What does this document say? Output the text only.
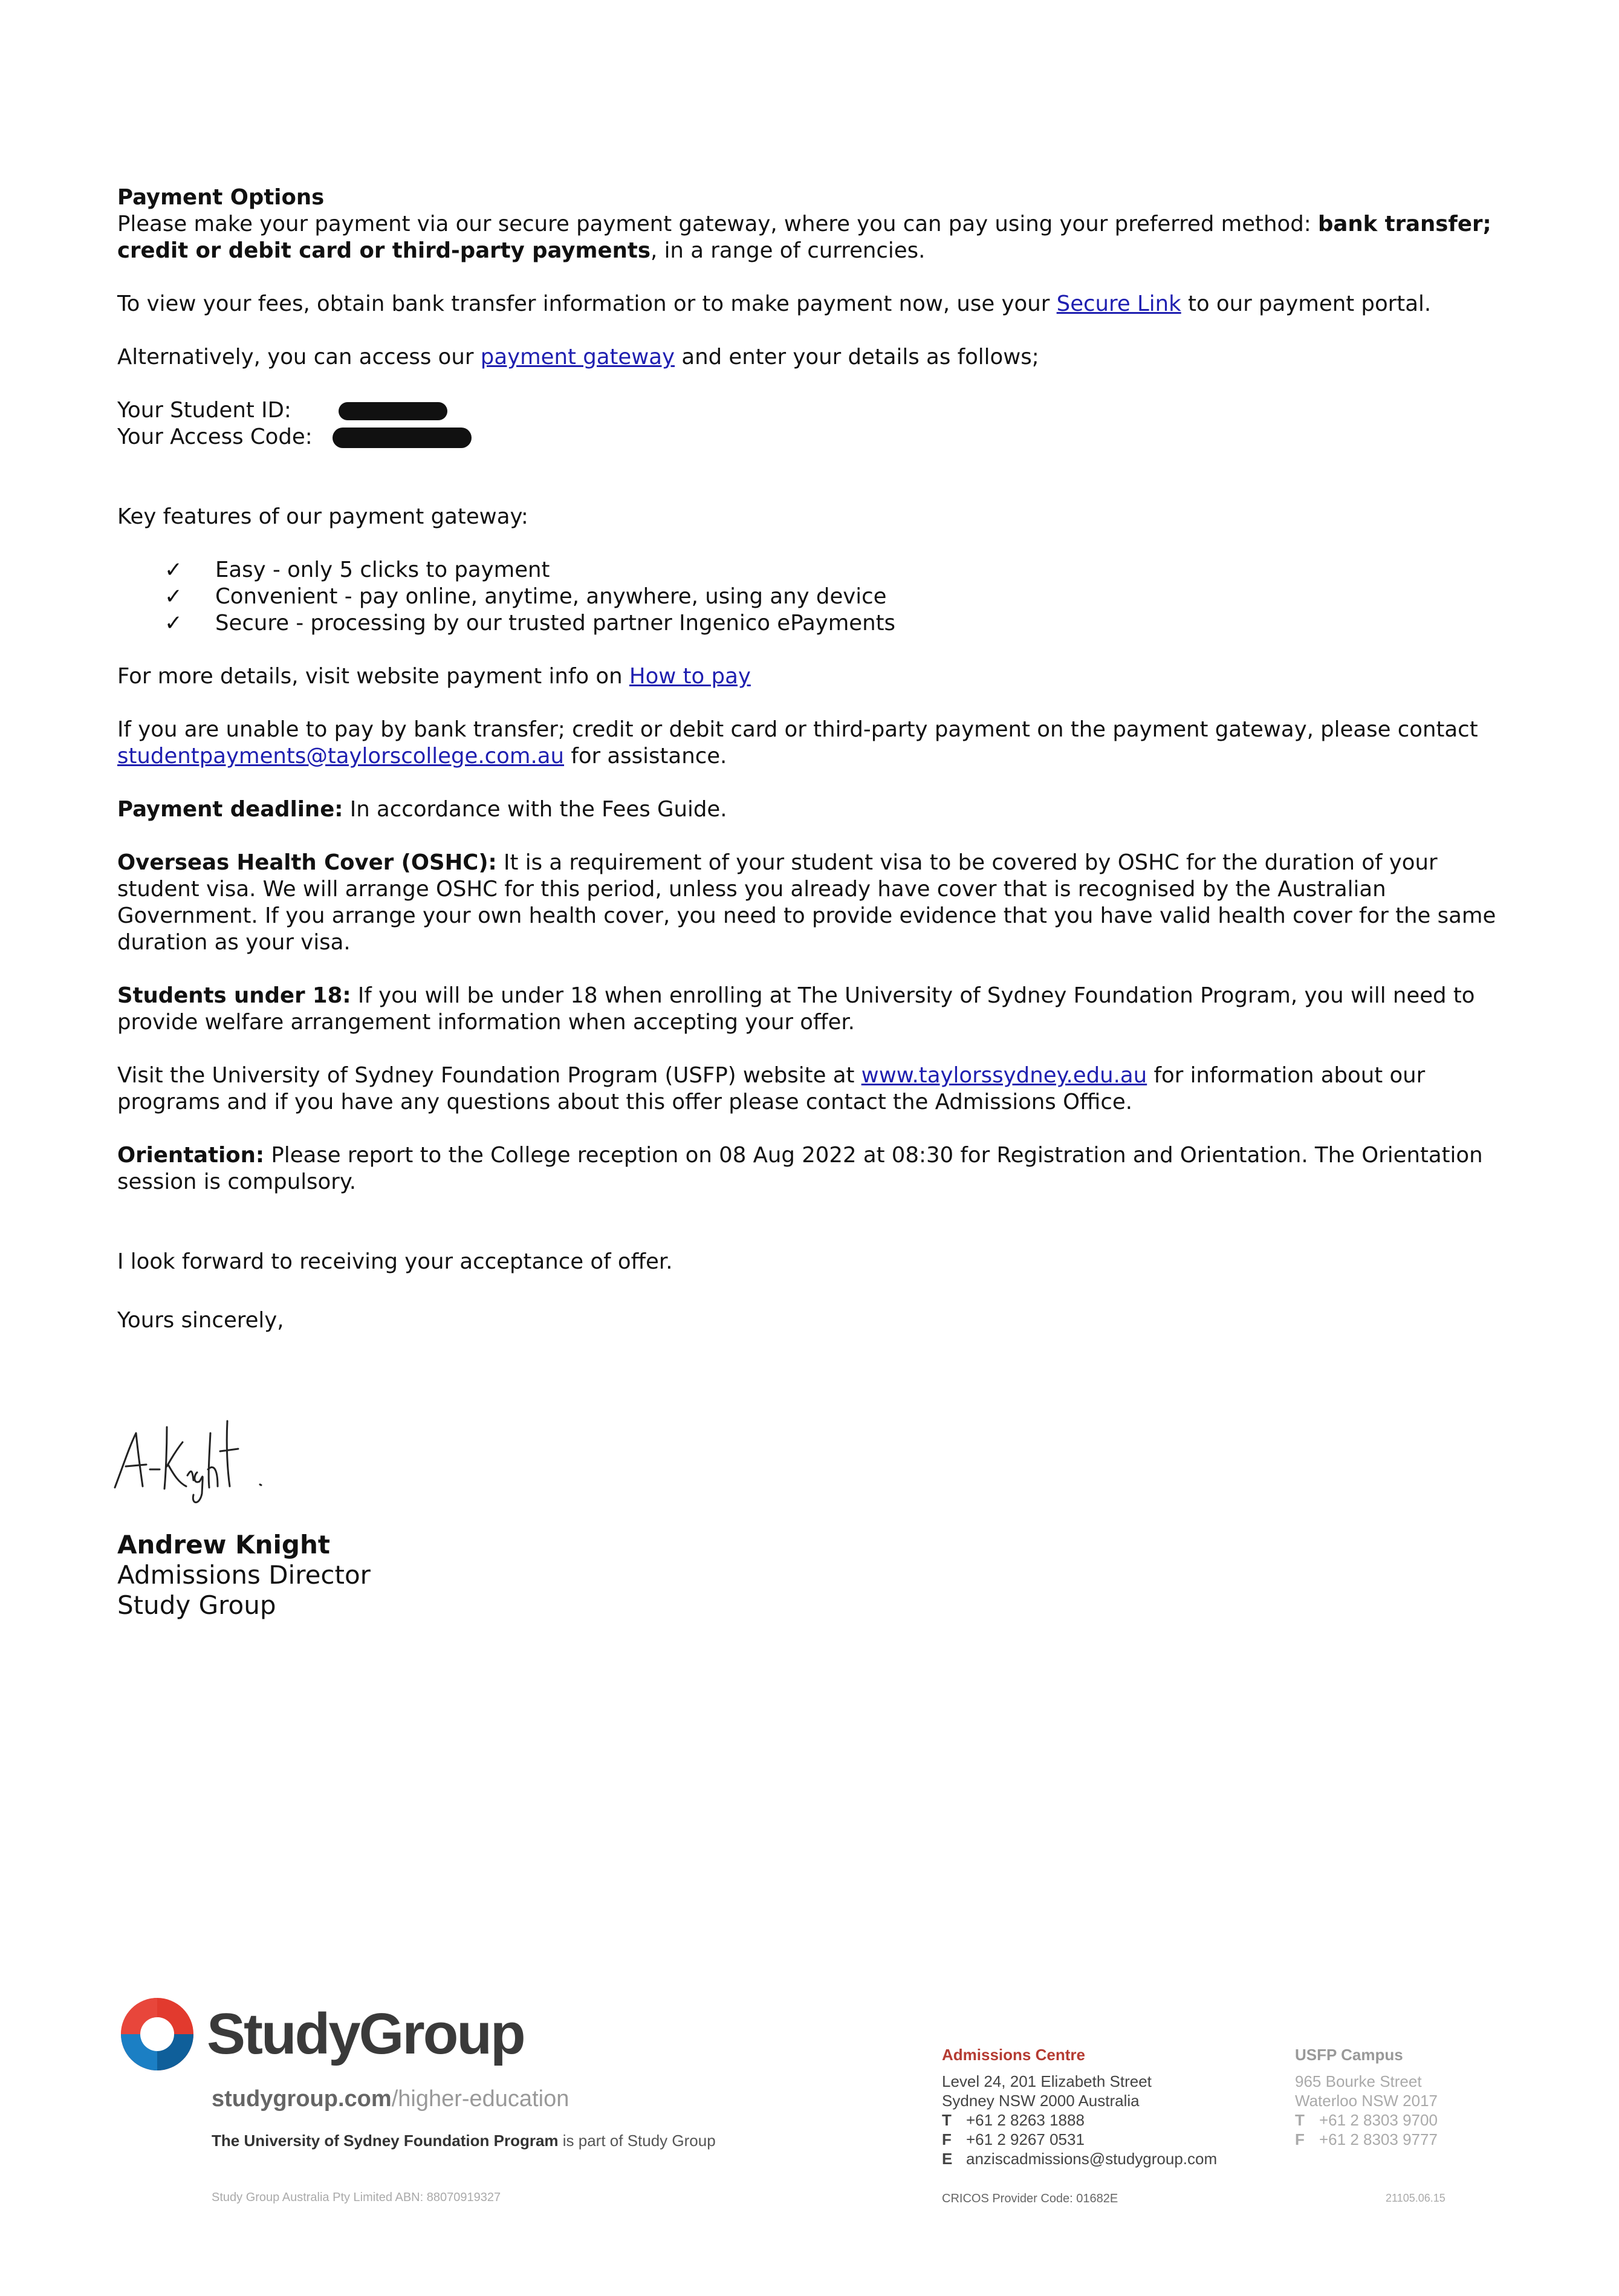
Payment Options

Please make your payment via our secure payment gateway, where you can pay using your preferred method: bank transfer; credit or debit card or third-party payments, in a range of currencies.

To view your fees, obtain bank transfer information or to make payment now, use your Secure Link to our payment portal.

Alternatively, you can access our payment gateway and enter your details as follows;

Your Student ID:
Your Access Code:

Key features of our payment gateway:

✓ Easy - only 5 clicks to payment
✓ Convenient - pay online, anytime, anywhere, using any device
✓ Secure - processing by our trusted partner Ingenico ePayments

For more details, visit website payment info on How to pay

If you are unable to pay by bank transfer; credit or debit card or third-party payment on the payment gateway, please contact studentpayments@taylorscollege.com.au for assistance.

Payment deadline: In accordance with the Fees Guide.

Overseas Health Cover (OSHC): It is a requirement of your student visa to be covered by OSHC for the duration of your student visa. We will arrange OSHC for this period, unless you already have cover that is recognised by the Australian Government. If you arrange your own health cover, you need to provide evidence that you have valid health cover for the same duration as your visa.

Students under 18: If you will be under 18 when enrolling at The University of Sydney Foundation Program, you will need to provide welfare arrangement information when accepting your offer.

Visit the University of Sydney Foundation Program (USFP) website at www.taylorssydney.edu.au for information about our programs and if you have any questions about this offer please contact the Admissions Office.

Orientation: Please report to the College reception on 08 Aug 2022 at 08:30 for Registration and Orientation. The Orientation session is compulsory.

I look forward to receiving your acceptance of offer.

Yours sincerely,

Andrew Knight
Admissions Director
Study Group
StudyGroup
studygroup.com/higher-education
The University of Sydney Foundation Program is part of Study Group
Study Group Australia Pty Limited ABN: 88070919327
Admissions Centre
Level 24, 201 Elizabeth Street
Sydney NSW 2000 Australia
T +61 2 8263 1888
F +61 2 9267 0531
E anziscadmissions@studygroup.com
USFP Campus
965 Bourke Street
Waterloo NSW 2017
T +61 2 8303 9700
F +61 2 8303 9777
CRICOS Provider Code: 01682E	21105.06.15
